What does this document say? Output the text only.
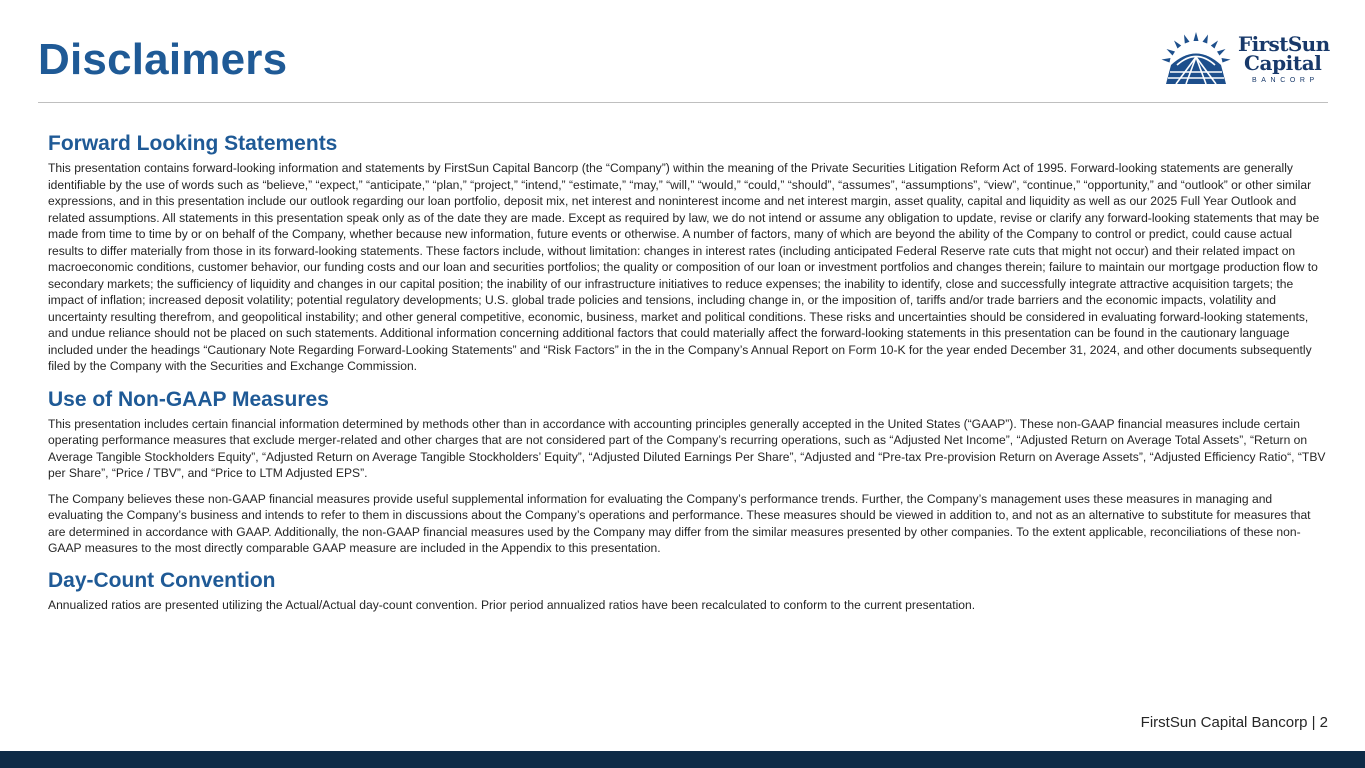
Disclaimers	FirstSun
Capital
BANCORP
Forward Looking Statements

This presentation contains forward-looking information and statements by FirstSun Capital Bancorp (the “Company”) within the meaning of the Private Securities Litigation Reform Act of 1995. Forward-looking statements are generally identifiable by the use of words such as “believe,” “expect,” “anticipate,” “plan,” “project,” “intend,” “estimate,” “may,” “will,” “would,” “could,” “should”, “assumes”, “assumptions”, “view”, “continue,” “opportunity,” and “outlook” or other similar expressions, and in this presentation include our outlook regarding our loan portfolio, deposit mix, net interest and noninterest income and net interest margin, asset quality, capital and liquidity as well as our 2025 Full Year Outlook and related assumptions. All statements in this presentation speak only as of the date they are made. Except as required by law, we do not intend or assume any obligation to update, revise or clarify any forward-looking statements that may be made from time to time by or on behalf of the Company, whether because new information, future events or otherwise. A number of factors, many of which are beyond the ability of the Company to control or predict, could cause actual results to differ materially from those in its forward-looking statements. These factors include, without limitation: changes in interest rates (including anticipated Federal Reserve rate cuts that might not occur) and their related impact on macroeconomic conditions, customer behavior, our funding costs and our loan and securities portfolios; the quality or composition of our loan or investment portfolios and changes therein; failure to maintain our mortgage production flow to secondary markets; the sufficiency of liquidity and changes in our capital position; the inability of our infrastructure initiatives to reduce expenses; the inability to identify, close and successfully integrate attractive acquisition targets; the impact of inflation; increased deposit volatility; potential regulatory developments; U.S. global trade policies and tensions, including change in, or the imposition of, tariffs and/or trade barriers and the economic impacts, volatility and uncertainty resulting therefrom, and geopolitical instability; and other general competitive, economic, business, market and political conditions. These risks and uncertainties should be considered in evaluating forward-looking statements, and undue reliance should not be placed on such statements. Additional information concerning additional factors that could materially affect the forward-looking statements in this presentation can be found in the cautionary language included under the headings “Cautionary Note Regarding Forward-Looking Statements” and “Risk Factors” in the in the Company’s Annual Report on Form 10-K for the year ended December 31, 2024, and other documents subsequently filed by the Company with the Securities and Exchange Commission.

Use of Non-GAAP Measures

This presentation includes certain financial information determined by methods other than in accordance with accounting principles generally accepted in the United States (“GAAP”). These non-GAAP financial measures include certain operating performance measures that exclude merger-related and other charges that are not considered part of the Company’s recurring operations, such as “Adjusted Net Income”, “Adjusted Return on Average Total Assets”, “Return on Average Tangible Stockholders Equity”, “Adjusted Return on Average Tangible Stockholders’ Equity”, “Adjusted Diluted Earnings Per Share”, “Adjusted and “Pre-tax Pre-provision Return on Average Assets”, “Adjusted Efficiency Ratio“, “TBV per Share”, “Price / TBV”, and “Price to LTM Adjusted EPS”.

The Company believes these non-GAAP financial measures provide useful supplemental information for evaluating the Company’s performance trends. Further, the Company’s management uses these measures in managing and evaluating the Company’s business and intends to refer to them in discussions about the Company’s operations and performance. These measures should be viewed in addition to, and not as an alternative to substitute for measures that are determined in accordance with GAAP. Additionally, the non-GAAP financial measures used by the Company may differ from the similar measures presented by other companies. To the extent applicable, reconciliations of these non-GAAP measures to the most directly comparable GAAP measure are included in the Appendix to this presentation.

Day-Count Convention

Annualized ratios are presented utilizing the Actual/Actual day-count convention. Prior period annualized ratios have been recalculated to conform to the current presentation.

FirstSun Capital Bancorp | 2
